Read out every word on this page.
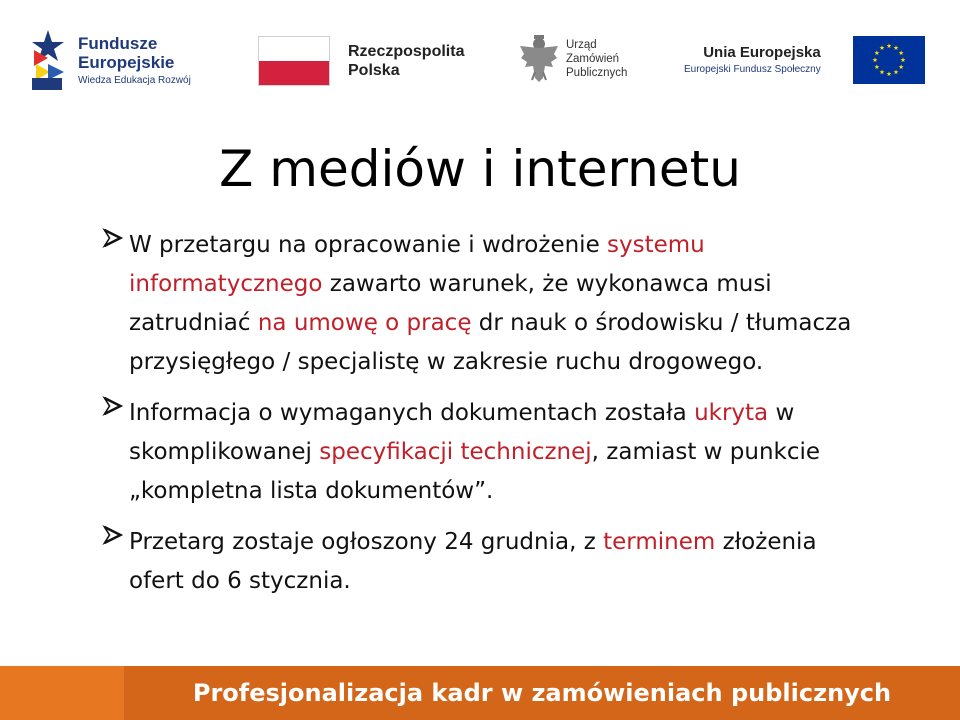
Fundusze
Europejskie
Wiedza Edukacja Rozwój
Rzeczpospolita
Polska
Urząd
Zamówień
Publicznych
Unia Europejska
Europejski Fundusz Społeczny
Z mediów i internetu
W przetargu na opracowanie i wdrożenie systemu informatycznego zawarto warunek, że wykonawca musi zatrudniać na umowę o pracę dr nauk o środowisku / tłumacza przysięgłego / specjalistę w zakresie ruchu drogowego.
Informacja o wymaganych dokumentach została ukryta w skomplikowanej specyfikacji technicznej, zamiast w punkcie „kompletna lista dokumentów”.
Przetarg zostaje ogłoszony 24 grudnia, z terminem złożenia ofert do 6 stycznia.
Profesjonalizacja kadr w zamówieniach publicznych
